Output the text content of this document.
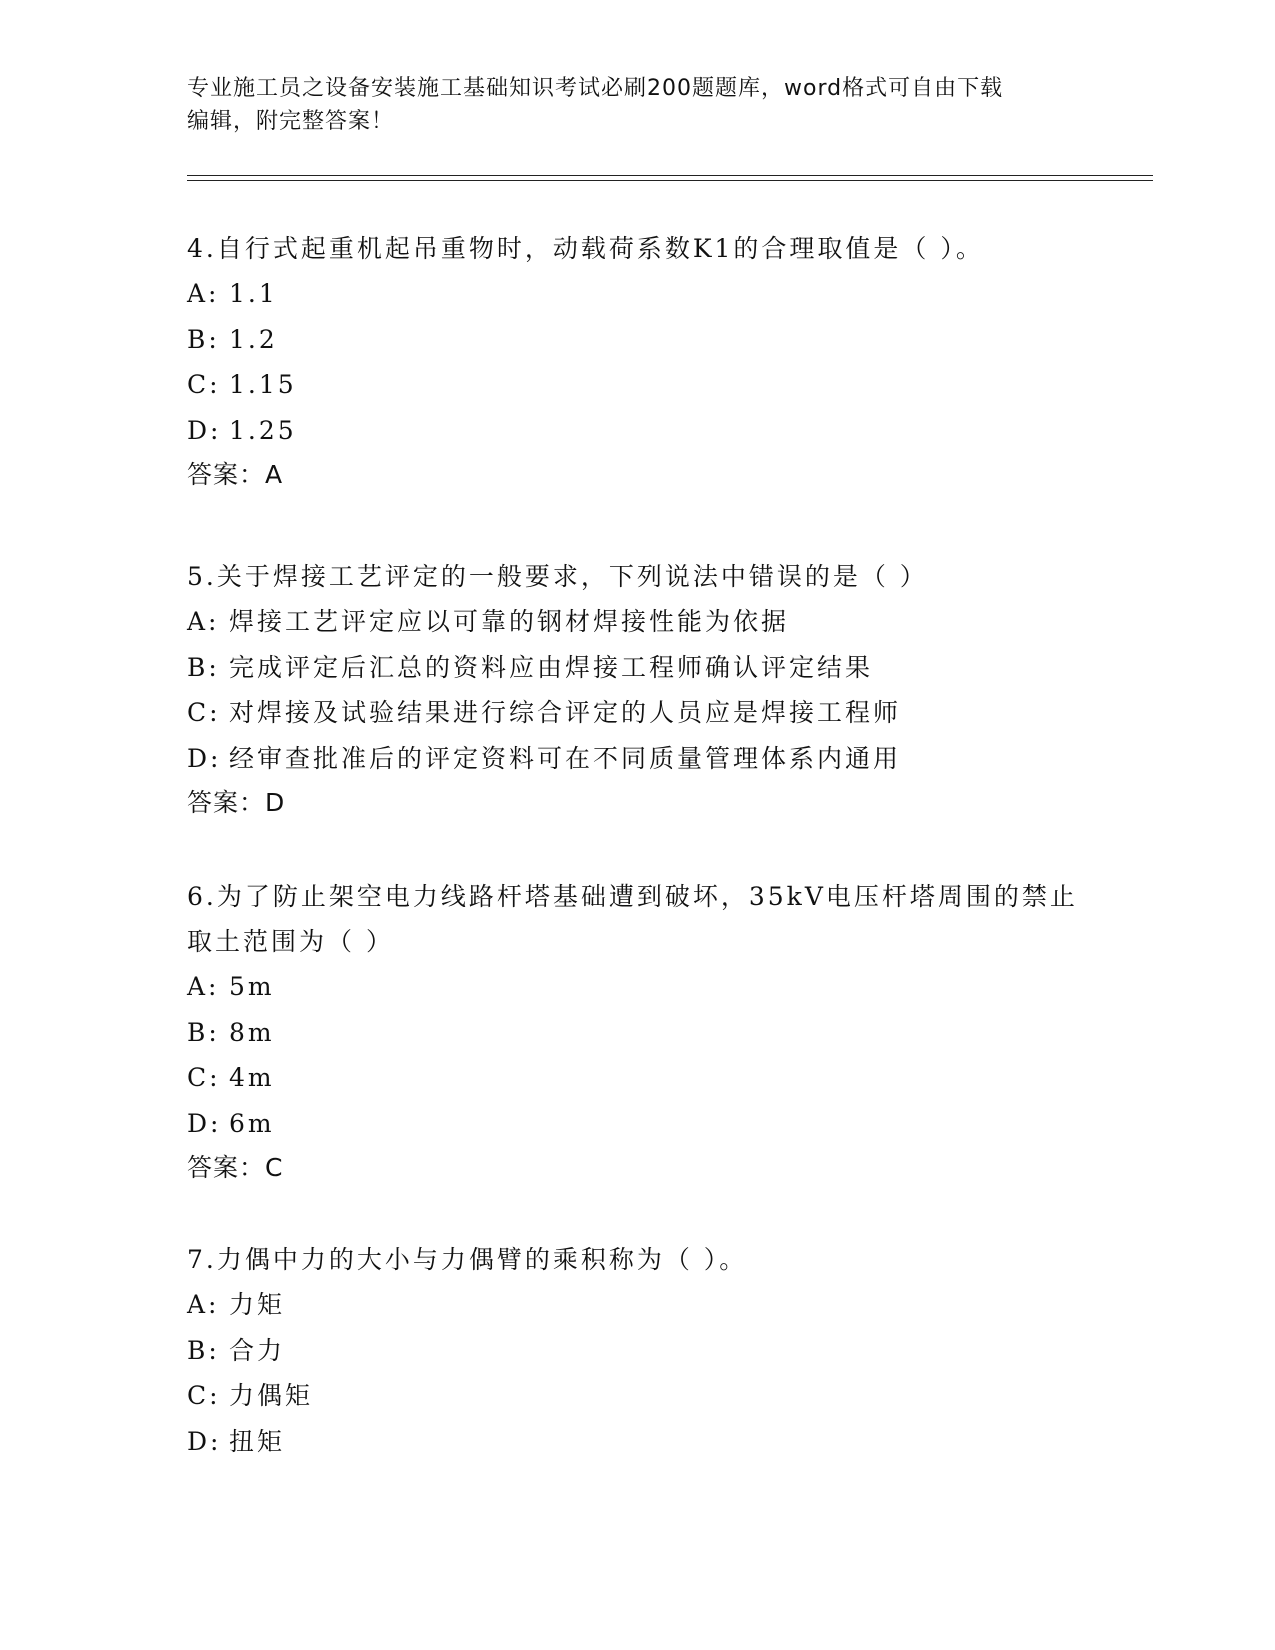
专业施工员之设备安装施工基础知识考试必刷200题题库，word格式可自由下载
编辑，附完整答案！
4.自行式起重机起吊重物时，动载荷系数K1的合理取值是（ ）。
A: 1.1
B: 1.2
C: 1.15
D: 1.25
答案：A
5.关于焊接工艺评定的一般要求，下列说法中错误的是（ ）
A: 焊接工艺评定应以可靠的钢材焊接性能为依据
B: 完成评定后汇总的资料应由焊接工程师确认评定结果
C: 对焊接及试验结果进行综合评定的人员应是焊接工程师
D: 经审查批准后的评定资料可在不同质量管理体系内通用
答案：D
6.为了防止架空电力线路杆塔基础遭到破坏，35kV电压杆塔周围的禁止取土范围为（ ）
A: 5m
B: 8m
C: 4m
D: 6m
答案：C
7.力偶中力的大小与力偶臂的乘积称为（ ）。
A: 力矩
B: 合力
C: 力偶矩
D: 扭矩
